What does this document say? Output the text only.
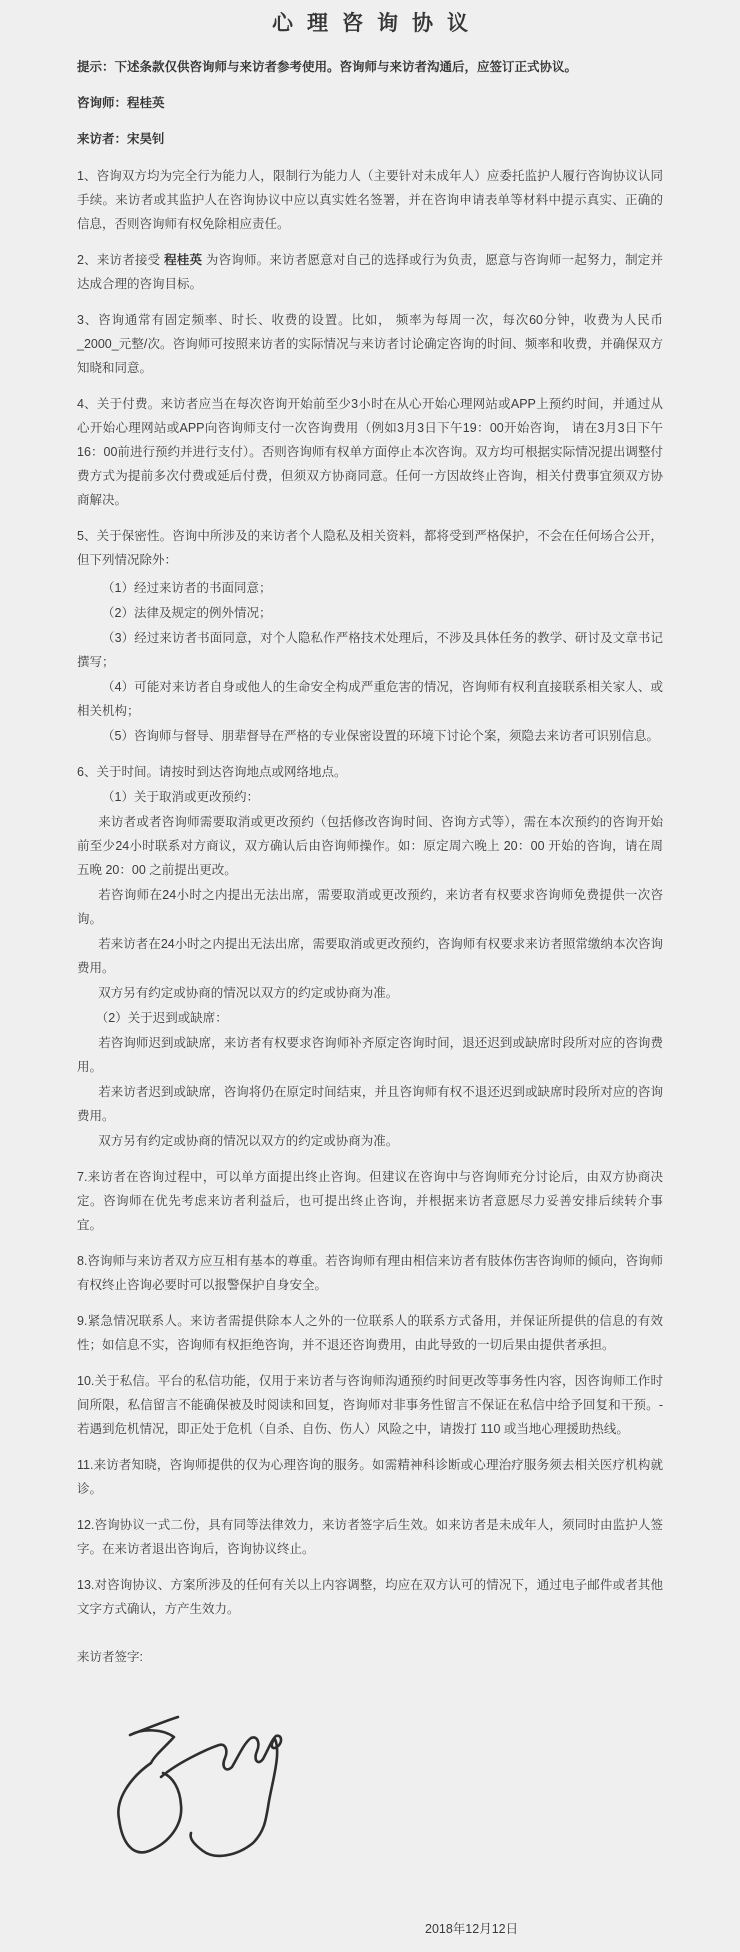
心理咨询协议
提示：下述条款仅供咨询师与来访者参考使用。咨询师与来访者沟通后，应签订正式协议。
咨询师：程桂英
来访者：宋昊钊
1、咨询双方均为完全行为能力人，限制行为能力人（主要针对未成年人）应委托监护人履行咨询协议认同手续。来访者或其监护人在咨询协议中应以真实姓名签署，并在咨询申请表单等材料中提示真实、正确的信息，否则咨询师有权免除相应责任。
2、来访者接受 程桂英 为咨询师。来访者愿意对自己的选择或行为负责，愿意与咨询师一起努力，制定并达成合理的咨询目标。
3、咨询通常有固定频率、时长、收费的设置。比如， 频率为每周一次，每次60分钟，收费为人民币_2000_元整/次。咨询师可按照来访者的实际情况与来访者讨论确定咨询的时间、频率和收费，并确保双方知晓和同意。
4、关于付费。来访者应当在每次咨询开始前至少3小时在从心开始心理网站或APP上预约时间，并通过从心开始心理网站或APP向咨询师支付一次咨询费用（例如3月3日下午19：00开始咨询， 请在3月3日下午16：00前进行预约并进行支付）。否则咨询师有权单方面停止本次咨询。双方均可根据实际情况提出调整付费方式为提前多次付费或延后付费，但须双方协商同意。任何一方因故终止咨询，相关付费事宜须双方协商解决。
5、关于保密性。咨询中所涉及的来访者个人隐私及相关资料，都将受到严格保护，不会在任何场合公开，但下列情况除外：
（1）经过来访者的书面同意；
（2）法律及规定的例外情况；
（3）经过来访者书面同意，对个人隐私作严格技术处理后，不涉及具体任务的教学、研讨及文章书记撰写；
（4）可能对来访者自身或他人的生命安全构成严重危害的情况，咨询师有权利直接联系相关家人、或相关机构；
（5）咨询师与督导、朋辈督导在严格的专业保密设置的环境下讨论个案，须隐去来访者可识别信息。
6、关于时间。请按时到达咨询地点或网络地点。
（1）关于取消或更改预约：
来访者或者咨询师需要取消或更改预约（包括修改咨询时间、咨询方式等），需在本次预约的咨询开始前至少24小时联系对方商议，双方确认后由咨询师操作。如：原定周六晚上 20：00 开始的咨询，请在周五晚 20：00 之前提出更改。
若咨询师在24小时之内提出无法出席，需要取消或更改预约，来访者有权要求咨询师免费提供一次咨询。
若来访者在24小时之内提出无法出席，需要取消或更改预约，咨询师有权要求来访者照常缴纳本次咨询费用。
双方另有约定或协商的情况以双方的约定或协商为准。
（2）关于迟到或缺席：
若咨询师迟到或缺席，来访者有权要求咨询师补齐原定咨询时间，退还迟到或缺席时段所对应的咨询费用。
若来访者迟到或缺席，咨询将仍在原定时间结束，并且咨询师有权不退还迟到或缺席时段所对应的咨询费用。
双方另有约定或协商的情况以双方的约定或协商为准。
7.来访者在咨询过程中，可以单方面提出终止咨询。但建议在咨询中与咨询师充分讨论后，由双方协商决定。咨询师在优先考虑来访者利益后，也可提出终止咨询，并根据来访者意愿尽力妥善安排后续转介事宜。
8.咨询师与来访者双方应互相有基本的尊重。若咨询师有理由相信来访者有肢体伤害咨询师的倾向，咨询师有权终止咨询必要时可以报警保护自身安全。
9.紧急情况联系人。来访者需提供除本人之外的一位联系人的联系方式备用，并保证所提供的信息的有效性；如信息不实，咨询师有权拒绝咨询，并不退还咨询费用，由此导致的一切后果由提供者承担。
10.关于私信。平台的私信功能，仅用于来访者与咨询师沟通预约时间更改等事务性内容，因咨询师工作时间所限，私信留言不能确保被及时阅读和回复，咨询师对非事务性留言不保证在私信中给予回复和干预。- 若遇到危机情况，即正处于危机（自杀、自伤、伤人）风险之中，请拨打 110 或当地心理援助热线。
11.来访者知晓，咨询师提供的仅为心理咨询的服务。如需精神科诊断或心理治疗服务须去相关医疗机构就诊。
12.咨询协议一式二份，具有同等法律效力，来访者签字后生效。如来访者是未成年人，须同时由监护人签字。在来访者退出咨询后，咨询协议终止。
13.对咨询协议、方案所涉及的任何有关以上内容调整，均应在双方认可的情况下，通过电子邮件或者其他文字方式确认，方产生效力。
来访者签字:
2018年12月12日
